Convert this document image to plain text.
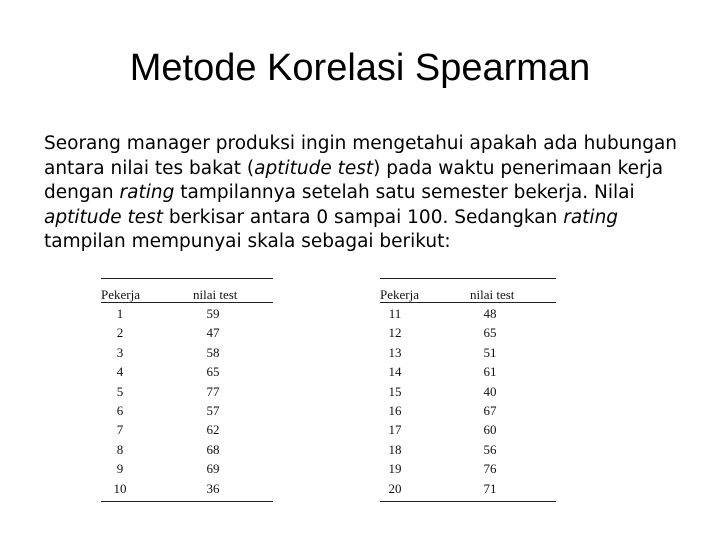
Metode Korelasi Spearman
Seorang manager produksi ingin mengetahui apakah ada hubungan
antara nilai tes bakat (aptitude test) pada waktu penerimaan kerja
dengan rating tampilannya setelah satu semester bekerja. Nilai
aptitude test berkisar antara 0 sampai 100. Sedangkan rating
tampilan mempunyai skala sebagai berikut:
Pekerja	nilai test
1	59
2	47
3	58
4	65
5	77
6	57
7	62
8	68
9	69
10	36
Pekerja	nilai test
11	48
12	65
13	51
14	61
15	40
16	67
17	60
18	56
19	76
20	71
